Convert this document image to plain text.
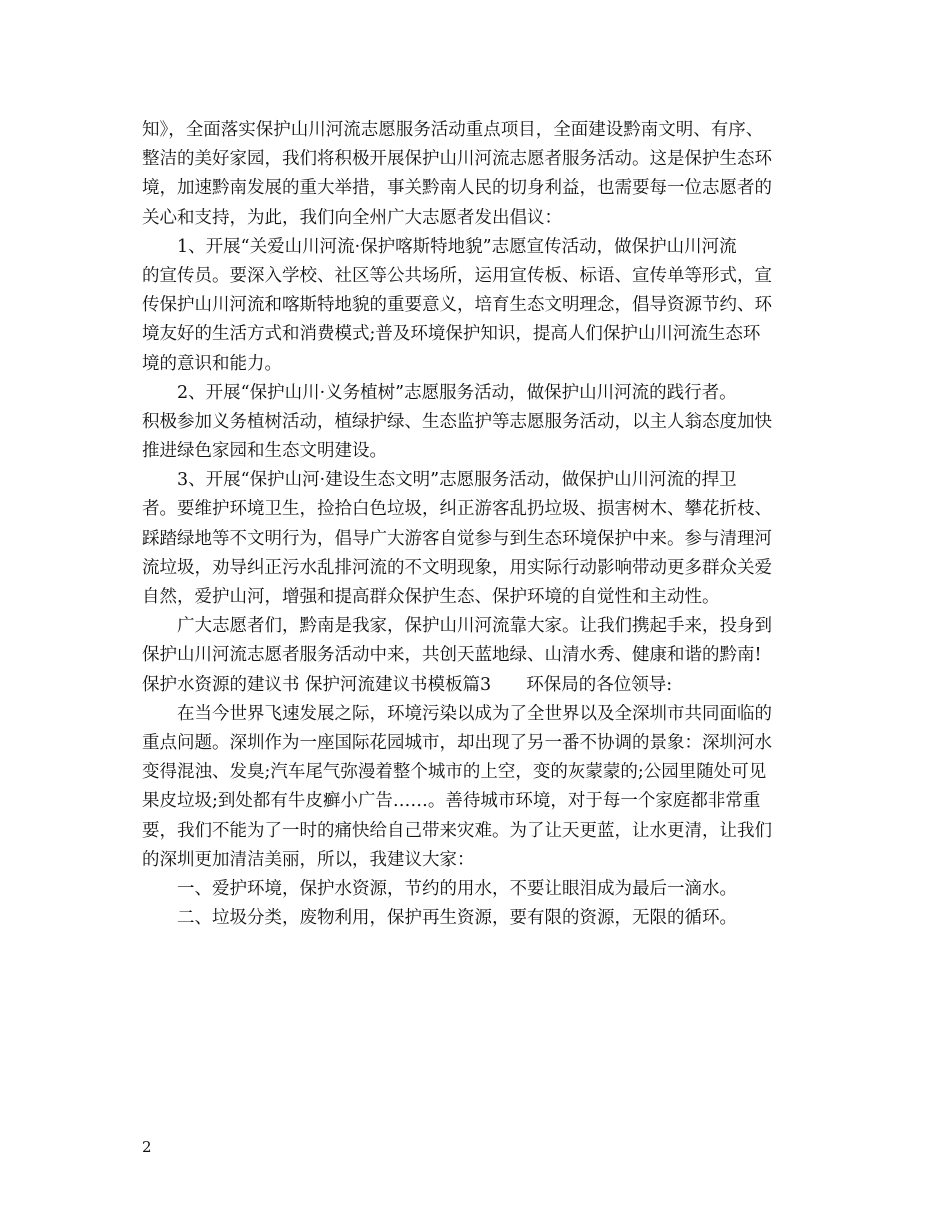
知》，全面落实保护山川河流志愿服务活动重点项目，全面建设黔南文明、有序、
整洁的美好家园，我们将积极开展保护山川河流志愿者服务活动。这是保护生态环
境，加速黔南发展的重大举措，事关黔南人民的切身利益，也需要每一位志愿者的
关心和支持，为此，我们向全州广大志愿者发出倡议：
1、开展“关爱山川河流·保护喀斯特地貌”志愿宣传活动，做保护山川河流
的宣传员。要深入学校、社区等公共场所，运用宣传板、标语、宣传单等形式，宣
传保护山川河流和喀斯特地貌的重要意义，培育生态文明理念，倡导资源节约、环
境友好的生活方式和消费模式;普及环境保护知识，提高人们保护山川河流生态环
境的意识和能力。
2、开展“保护山川·义务植树”志愿服务活动，做保护山川河流的践行者。
积极参加义务植树活动，植绿护绿、生态监护等志愿服务活动，以主人翁态度加快
推进绿色家园和生态文明建设。
3、开展“保护山河·建设生态文明”志愿服务活动，做保护山川河流的捍卫
者。要维护环境卫生，捡拾白色垃圾，纠正游客乱扔垃圾、损害树木、攀花折枝、
踩踏绿地等不文明行为，倡导广大游客自觉参与到生态环境保护中来。参与清理河
流垃圾，劝导纠正污水乱排河流的不文明现象，用实际行动影响带动更多群众关爱
自然，爱护山河，增强和提高群众保护生态、保护环境的自觉性和主动性。
广大志愿者们，黔南是我家，保护山川河流靠大家。让我们携起手来，投身到
保护山川河流志愿者服务活动中来，共创天蓝地绿、山清水秀、健康和谐的黔南!
保护水资源的建议书 保护河流建议书模板篇3　　环保局的各位领导:
在当今世界飞速发展之际，环境污染以成为了全世界以及全深圳市共同面临的
重点问题。深圳作为一座国际花园城市，却出现了另一番不协调的景象：深圳河水
变得混浊、发臭;汽车尾气弥漫着整个城市的上空，变的灰蒙蒙的;公园里随处可见
果皮垃圾;到处都有牛皮癣小广告……。善待城市环境，对于每一个家庭都非常重
要，我们不能为了一时的痛快给自己带来灾难。为了让天更蓝，让水更清，让我们
的深圳更加清洁美丽，所以，我建议大家：
一、爱护环境，保护水资源，节约的用水，不要让眼泪成为最后一滴水。
二、垃圾分类，废物利用，保护再生资源，要有限的资源，无限的循环。
2
